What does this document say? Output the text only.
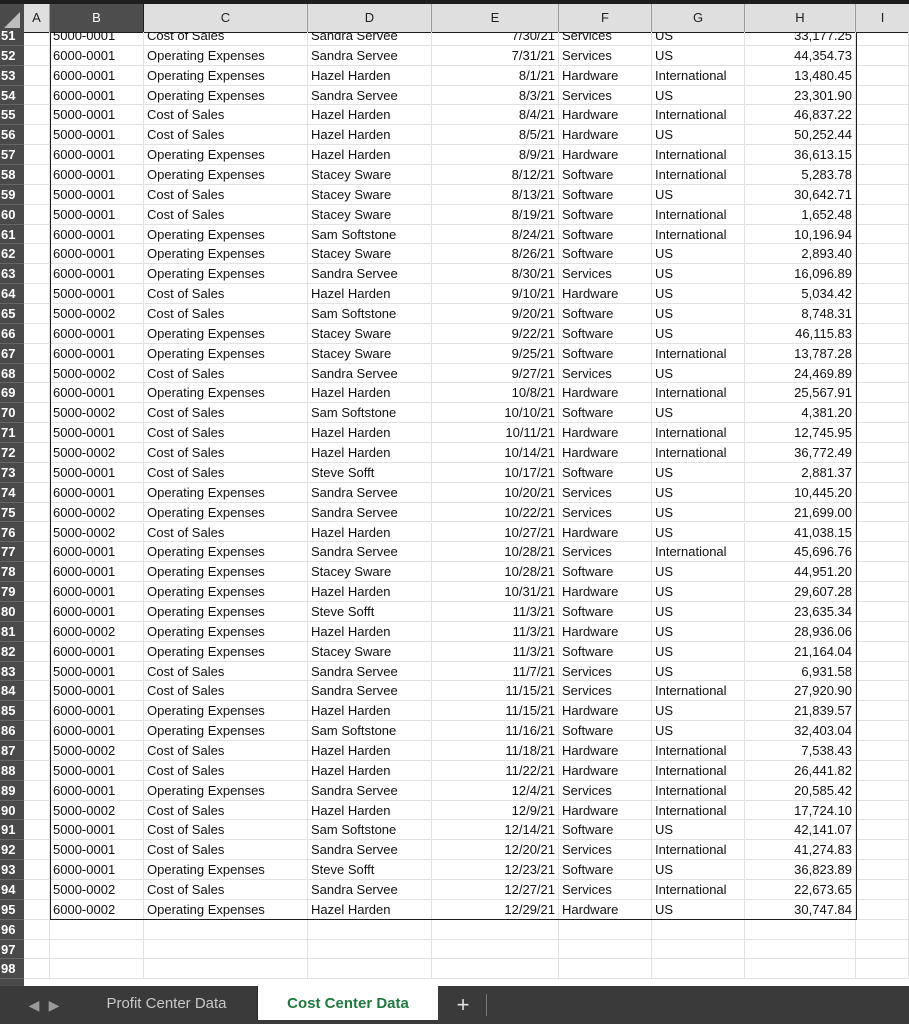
A	B	C	D	E	F	G	H	I
51
52
53
54
55
56
57
58
59
60
61
62
63
64
65
66
67
68
69
70
71
72
73
74
75
76
77
78
79
80
81
82
83
84
85
86
87
88
89
90
91
92
93
94
95
96
97
98
5000-0001	Cost of Sales	Sandra Servee	7/30/21 Services	US	33,177.25
6000-0001	Operating Expenses	Sandra Servee	7/31/21 Services	US	44,354.73
6000-0001	Operating Expenses	Hazel Harden	8/1/21 Hardware	International	13,480.45
6000-0001	Operating Expenses	Sandra Servee	8/3/21 Services	US	23,301.90
5000-0001	Cost of Sales	Hazel Harden	8/4/21 Hardware	International	46,837.22
5000-0001	Cost of Sales	Hazel Harden	8/5/21 Hardware	US	50,252.44
6000-0001	Operating Expenses	Hazel Harden	8/9/21 Hardware	International	36,613.15
6000-0001	Operating Expenses	Stacey Sware	8/12/21 Software	International	5,283.78
5000-0001	Cost of Sales	Stacey Sware	8/13/21 Software	US	30,642.71
5000-0001	Cost of Sales	Stacey Sware	8/19/21 Software	International	1,652.48
6000-0001	Operating Expenses	Sam Softstone	8/24/21 Software	International	10,196.94
6000-0001	Operating Expenses	Stacey Sware	8/26/21 Software	US	2,893.40
6000-0001	Operating Expenses	Sandra Servee	8/30/21 Services	US	16,096.89
5000-0001	Cost of Sales	Hazel Harden	9/10/21 Hardware	US	5,034.42
5000-0002	Cost of Sales	Sam Softstone	9/20/21 Software	US	8,748.31
6000-0001	Operating Expenses	Stacey Sware	9/22/21 Software	US	46,115.83
6000-0001	Operating Expenses	Stacey Sware	9/25/21 Software	International	13,787.28
5000-0002	Cost of Sales	Sandra Servee	9/27/21 Services	US	24,469.89
6000-0001	Operating Expenses	Hazel Harden	10/8/21 Hardware	International	25,567.91
5000-0002	Cost of Sales	Sam Softstone	10/10/21 Software	US	4,381.20
5000-0001	Cost of Sales	Hazel Harden	10/11/21 Hardware	International	12,745.95
5000-0002	Cost of Sales	Hazel Harden	10/14/21 Hardware	International	36,772.49
5000-0001	Cost of Sales	Steve Sofft	10/17/21 Software	US	2,881.37
6000-0001	Operating Expenses	Sandra Servee	10/20/21 Services	US	10,445.20
6000-0002	Operating Expenses	Sandra Servee	10/22/21 Services	US	21,699.00
5000-0002	Cost of Sales	Hazel Harden	10/27/21 Hardware	US	41,038.15
6000-0001	Operating Expenses	Sandra Servee	10/28/21 Services	International	45,696.76
6000-0001	Operating Expenses	Stacey Sware	10/28/21 Software	US	44,951.20
6000-0001	Operating Expenses	Hazel Harden	10/31/21 Hardware	US	29,607.28
6000-0001	Operating Expenses	Steve Sofft	11/3/21 Software	US	23,635.34
6000-0002	Operating Expenses	Hazel Harden	11/3/21 Hardware	US	28,936.06
6000-0001	Operating Expenses	Stacey Sware	11/3/21 Software	US	21,164.04
5000-0001	Cost of Sales	Sandra Servee	11/7/21 Services	US	6,931.58
5000-0001	Cost of Sales	Sandra Servee	11/15/21 Services	International	27,920.90
6000-0001	Operating Expenses	Hazel Harden	11/15/21 Hardware	US	21,839.57
6000-0001	Operating Expenses	Sam Softstone	11/16/21 Software	US	32,403.04
5000-0002	Cost of Sales	Hazel Harden	11/18/21 Hardware	International	7,538.43
5000-0001	Cost of Sales	Hazel Harden	11/22/21 Hardware	International	26,441.82
6000-0001	Operating Expenses	Sandra Servee	12/4/21 Services	International	20,585.42
5000-0002	Cost of Sales	Hazel Harden	12/9/21 Hardware	International	17,724.10
5000-0001	Cost of Sales	Sam Softstone	12/14/21 Software	US	42,141.07
5000-0001	Cost of Sales	Sandra Servee	12/20/21 Services	International	41,274.83
6000-0001	Operating Expenses	Steve Sofft	12/23/21 Software	US	36,823.89
5000-0002	Cost of Sales	Sandra Servee	12/27/21 Services	International	22,673.65
6000-0002	Operating Expenses	Hazel Harden	12/29/21 Hardware	US	30,747.84
◀ ▶	Profit Center Data	Cost Center Data	+
